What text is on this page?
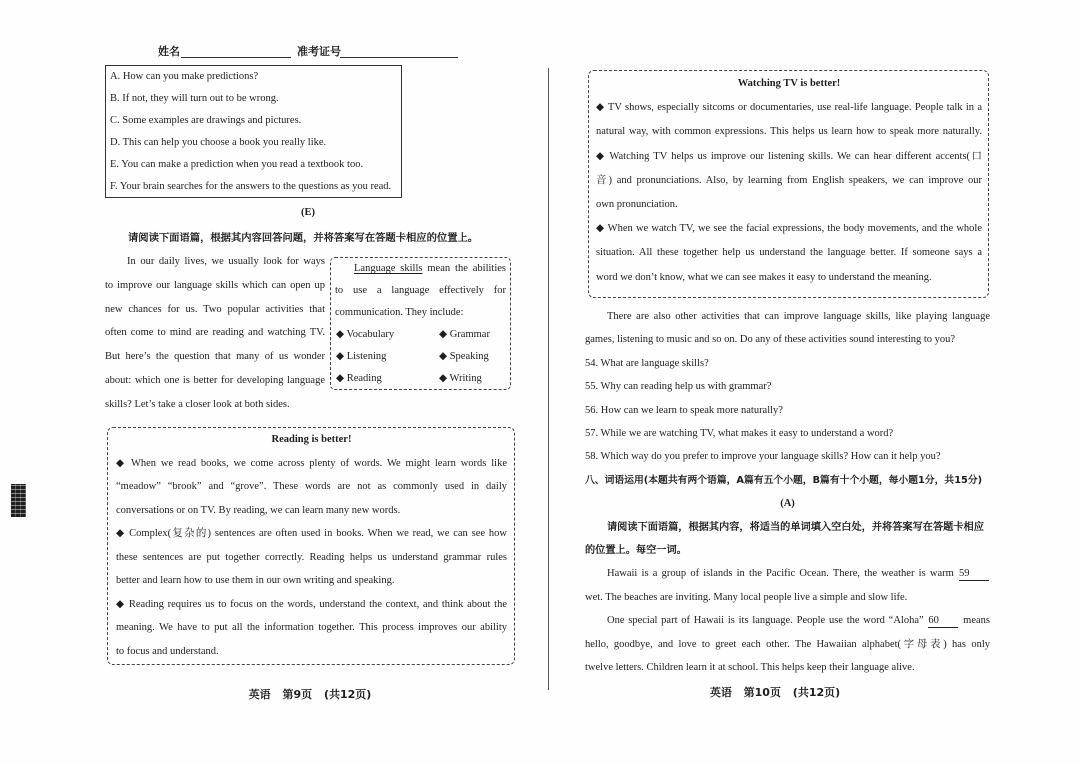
姓名	准考证号
A. How can you make predictions?
B. If not, they will turn out to be wrong.
C. Some examples are drawings and pictures.
D. This can help you choose a book you really like.
E. You can make a prediction when you read a textbook too.
F. Your brain searches for the answers to the questions as you read.
(E)
请阅读下面语篇，根据其内容回答问题，并将答案写在答题卡相应的位置上。
In our daily lives, we usually look for ways
to improve our language skills which can open up
new chances for us. Two popular activities that
often come to mind are reading and watching TV.
But here’s the question that many of us wonder
about: which one is better for developing language
skills? Let’s take a closer look at both sides.
Language skills mean the abilities
to use a language effectively for
communication. They include:
◆ Vocabulary	◆ Grammar
◆ Listening	◆ Speaking
◆ Reading	◆ Writing
Reading is better!
◆ When we read books, we come across plenty of words. We might learn words like
“meadow” “brook” and “grove”. These words are not as commonly used in daily
conversations or on TV. By reading, we can learn many new words.
◆ Complex(复杂的) sentences are often used in books. When we read, we can see how
these sentences are put together correctly. Reading helps us understand grammar rules
better and learn how to use them in our own writing and speaking.
◆ Reading requires us to focus on the words, understand the context, and think about the
meaning. We have to put all the information together. This process improves our ability
to focus and understand.
英语 第9页 (共12页)
Watching TV is better!
◆ TV shows, especially sitcoms or documentaries, use real-life language. People talk in a
natural way, with common expressions. This helps us learn how to speak more naturally.
◆ Watching TV helps us improve our listening skills. We can hear different accents(口
音) and pronunciations. Also, by learning from English speakers, we can improve our
own pronunciation.
◆ When we watch TV, we see the facial expressions, the body movements, and the whole
situation. All these together help us understand the language better. If someone says a
word we don’t know, what we can see makes it easy to understand the meaning.
There are also other activities that can improve language skills, like playing language
games, listening to music and so on. Do any of these activities sound interesting to you?
54. What are language skills?
55. Why can reading help us with grammar?
56. How can we learn to speak more naturally?
57. While we are watching TV, what makes it easy to understand a word?
58. Which way do you prefer to improve your language skills? How can it help you?
八、词语运用(本题共有两个语篇，A篇有五个小题，B篇有十个小题，每小题1分，共15分)
(A)
请阅读下面语篇，根据其内容，将适当的单词填入空白处，并将答案写在答题卡相应
的位置上。每空一词。
Hawaii is a group of islands in the Pacific Ocean. There, the weather is warm 59
wet. The beaches are inviting. Many local people live a simple and slow life.
One special part of Hawaii is its language. People use the word “Aloha” 60 means
hello, goodbye, and love to greet each other. The Hawaiian alphabet(字母表) has only
twelve letters. Children learn it at school. This helps keep their language alive.
英语 第10页 (共12页)
